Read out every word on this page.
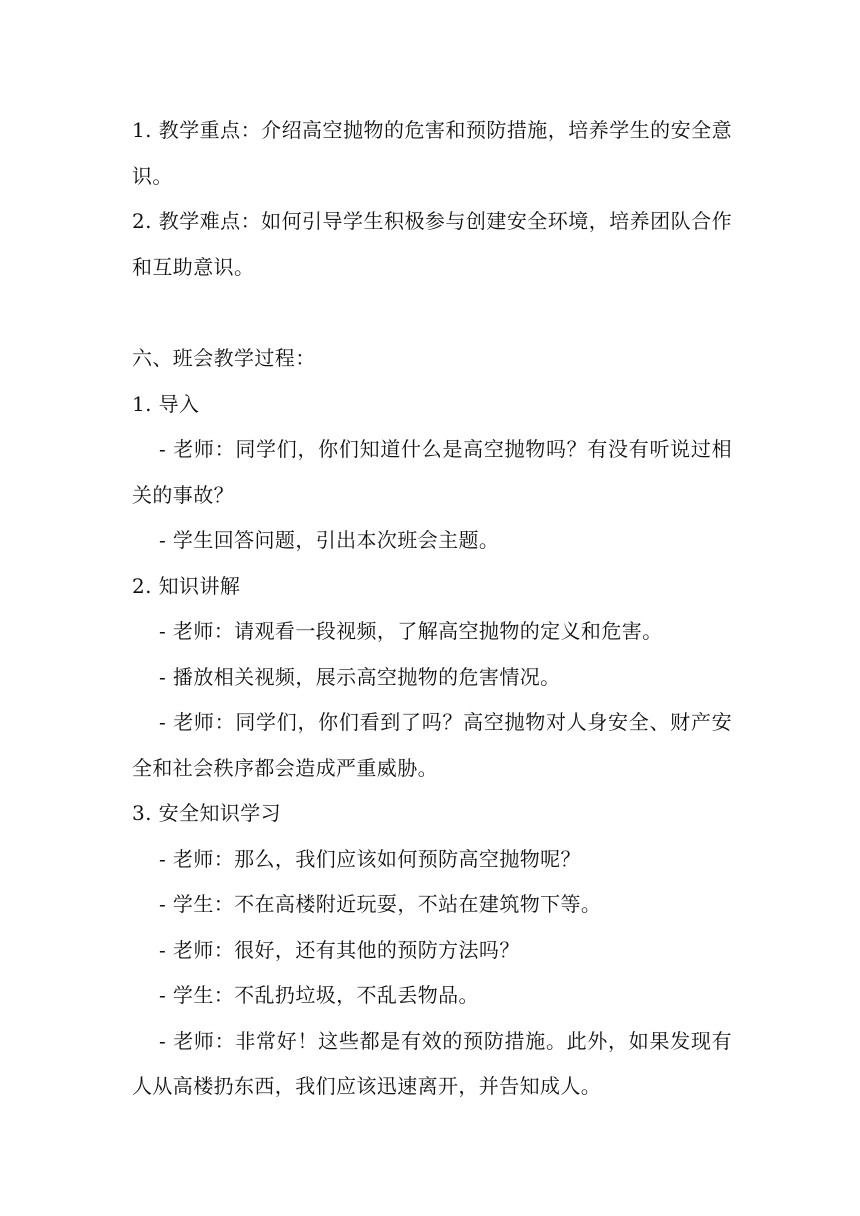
1. 教学重点：介绍高空抛物的危害和预防措施，培养学生的安全意识。

2. 教学难点：如何引导学生积极参与创建安全环境，培养团队合作和互助意识。

六、班会教学过程：

1. 导入

- 老师：同学们，你们知道什么是高空抛物吗？有没有听说过相关的事故？

- 学生回答问题，引出本次班会主题。

2. 知识讲解

- 老师：请观看一段视频，了解高空抛物的定义和危害。

- 播放相关视频，展示高空抛物的危害情况。

- 老师：同学们，你们看到了吗？高空抛物对人身安全、财产安全和社会秩序都会造成严重威胁。

3. 安全知识学习

- 老师：那么，我们应该如何预防高空抛物呢？

- 学生：不在高楼附近玩耍，不站在建筑物下等。

- 老师：很好，还有其他的预防方法吗？

- 学生：不乱扔垃圾，不乱丢物品。

- 老师：非常好！这些都是有效的预防措施。此外，如果发现有人从高楼扔东西，我们应该迅速离开，并告知成人。
